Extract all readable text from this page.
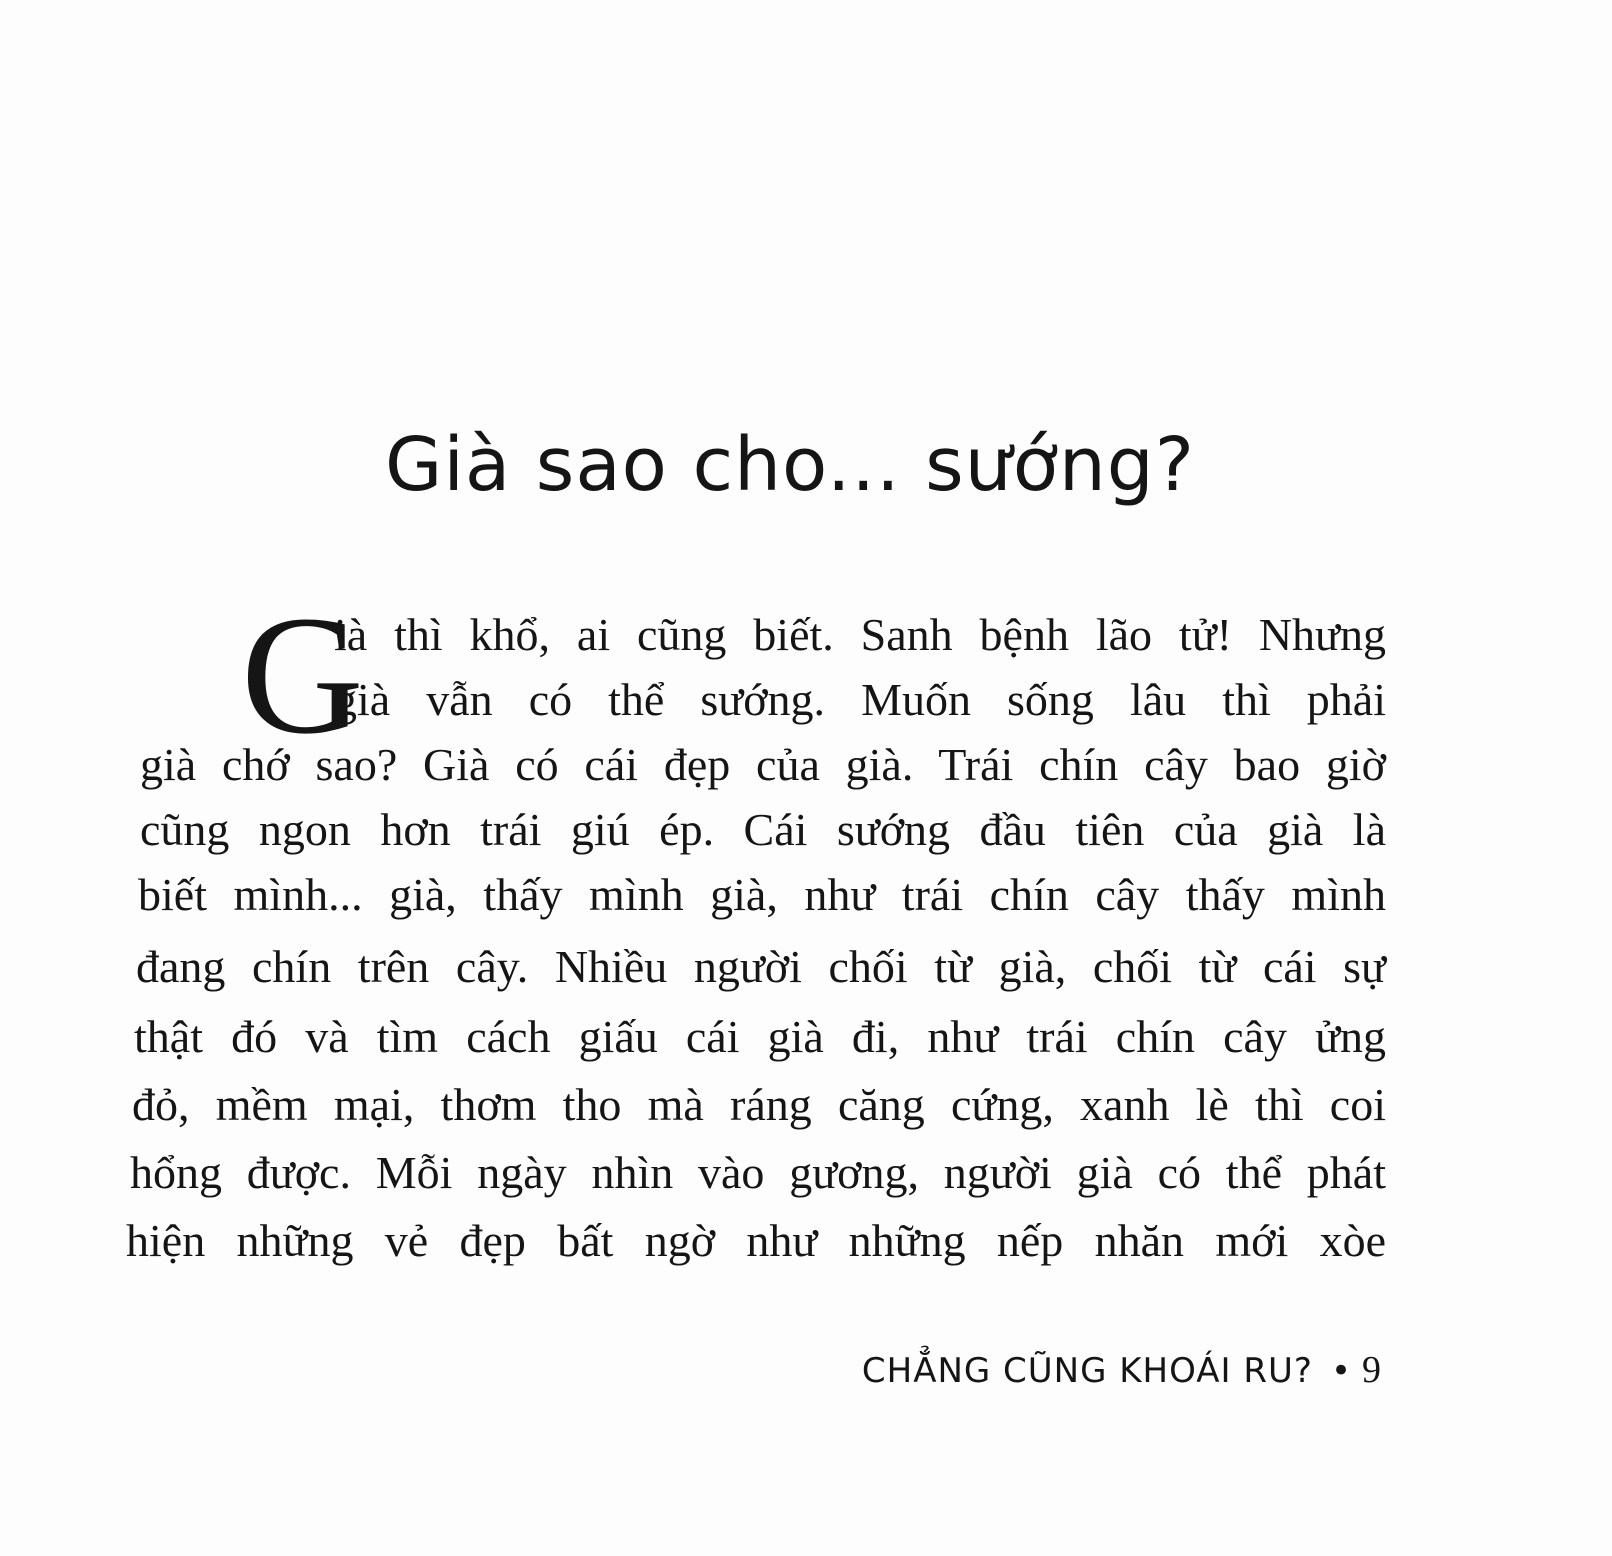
Già sao cho... sướng?
G
ià thì khổ, ai cũng biết. Sanh bệnh lão tử! Nhưng
già vẫn có thể sướng. Muốn sống lâu thì phải
già chớ sao? Già có cái đẹp của già. Trái chín cây bao giờ
cũng ngon hơn trái giú ép. Cái sướng đầu tiên của già là
biết mình... già, thấy mình già, như trái chín cây thấy mình
đang chín trên cây. Nhiều người chối từ già, chối từ cái sự
thật đó và tìm cách giấu cái già đi, như trái chín cây ửng
đỏ, mềm mại, thơm tho mà ráng căng cứng, xanh lè thì coi
hổng được. Mỗi ngày nhìn vào gương, người già có thể phát
hiện những vẻ đẹp bất ngờ như những nếp nhăn mới xòe
CHẲNG CŨNG KHOÁI RU? • 9
